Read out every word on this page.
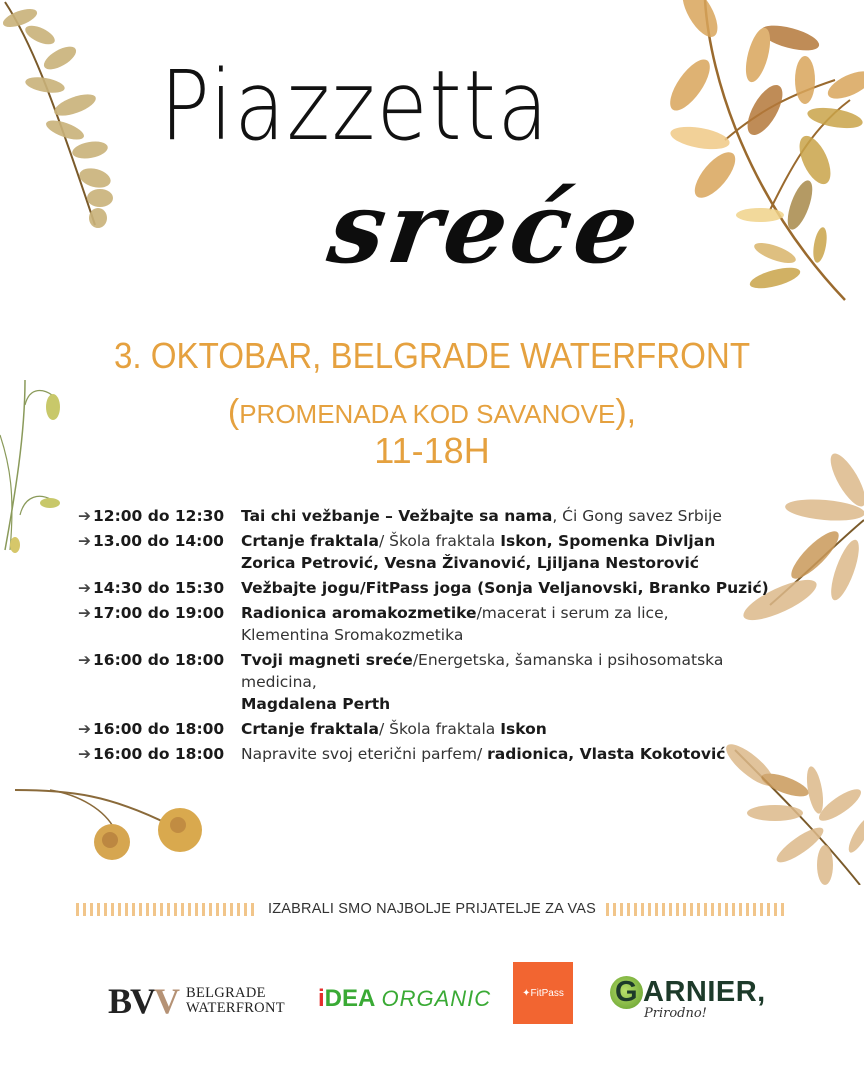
Piazzetta
sreće
3. OKTOBAR, BELGRADE WATERFRONT
(PROMENADA KOD SAVANOVE),
11-18H
➔ 12:00 do 12:30	Tai chi vežbanje – Vežbajte sa nama, Ći Gong savez Srbije
➔ 13.00 do 14:00	Crtanje fraktala/ Škola fraktala Iskon, Spomenka Divljan
Zorica Petrović, Vesna Živanović, Ljiljana Nestorović
➔ 14:30 do 15:30	Vežbajte jogu/FitPass joga (Sonja Veljanovski, Branko Puzić)
➔ 17:00 do 19:00	Radionica aromakozmetike/macerat i serum za lice,
Klementina Sromakozmetika
➔ 16:00 do 18:00	Tvoji magneti sreće/Energetska, šamanska i psihosomatska medicina,
Magdalena Perth
➔ 16:00 do 18:00	Crtanje fraktala/ Škola fraktala Iskon
➔ 16:00 do 18:00	Napravite svoj eterični parfem/ radionica, Vlasta Kokotović
IZABRALI SMO NAJBOLJE PRIJATELJE ZA VAS
BVV BELGRADE
WATERFRONT iDEA ORGANIC	✦ FitPass G ARNIER,
Prirodno!
